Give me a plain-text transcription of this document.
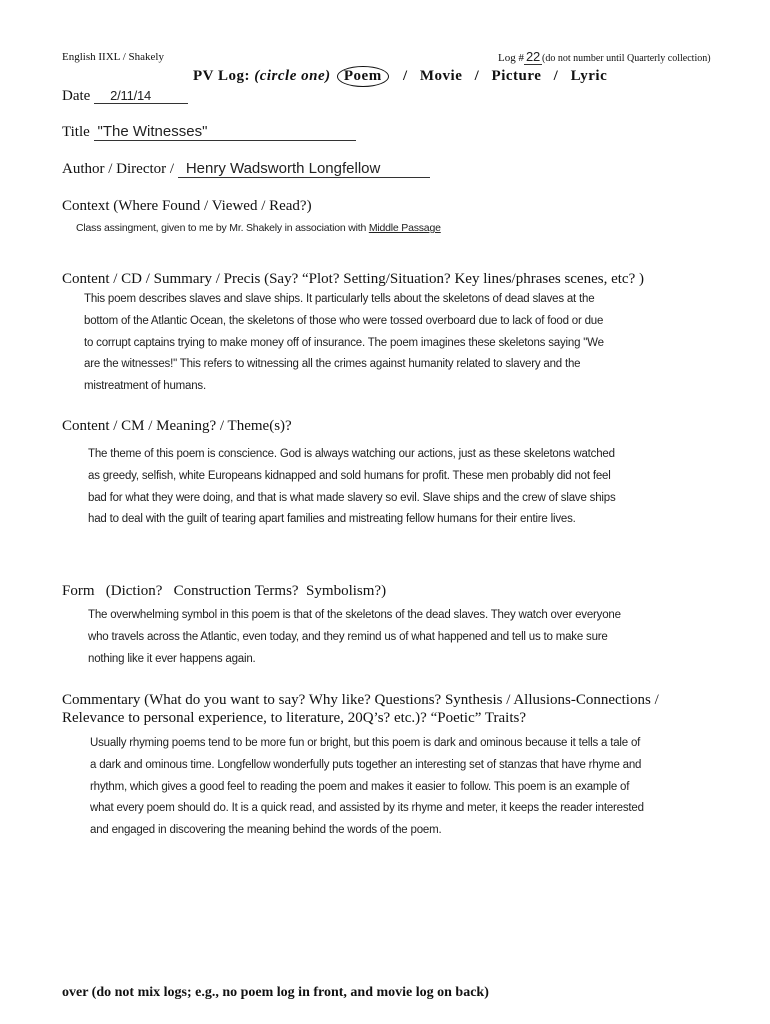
English IIXL / Shakely	Log # 22 (do not number until Quarterly collection)
PV Log: (circle one) Poem / Movie / Picture / Lyric
Date 2/11/14
Title "The Witnesses"
Author / Director / Henry Wadsworth Longfellow
Context (Where Found / Viewed / Read?)
Class assingment, given to me by Mr. Shakely in association with Middle Passage
Content / CD / Summary / Precis (Say? “Plot? Setting/Situation? Key lines/phrases scenes, etc? )
This poem describes slaves and slave ships. It particularly tells about the skeletons of dead slaves at the
bottom of the Atlantic Ocean, the skeletons of those who were tossed overboard due to lack of food or due
to corrupt captains trying to make money off of insurance. The poem imagines these skeletons saying "We
are the witnesses!" This refers to witnessing all the crimes against humanity related to slavery and the
mistreatment of humans.
Content / CM / Meaning? / Theme(s)?
The theme of this poem is conscience. God is always watching our actions, just as these skeletons watched
as greedy, selfish, white Europeans kidnapped and sold humans for profit. These men probably did not feel
bad for what they were doing, and that is what made slavery so evil. Slave ships and the crew of slave ships
had to deal with the guilt of tearing apart families and mistreating fellow humans for their entire lives.
Form   (Diction?   Construction Terms?  Symbolism?)
The overwhelming symbol in this poem is that of the skeletons of the dead slaves. They watch over everyone
who travels across the Atlantic, even today, and they remind us of what happened and tell us to make sure
nothing like it ever happens again.
Commentary (What do you want to say? Why like? Questions? Synthesis / Allusions-Connections /
Relevance to personal experience, to literature, 20Q’s? etc.)? “Poetic” Traits?
Usually rhyming poems tend to be more fun or bright, but this poem is dark and ominous because it tells a tale of
a dark and ominous time. Longfellow wonderfully puts together an interesting set of stanzas that have rhyme and
rhythm, which gives a good feel to reading the poem and makes it easier to follow. This poem is an example of
what every poem should do. It is a quick read, and assisted by its rhyme and meter, it keeps the reader interested
and engaged in discovering the meaning behind the words of the poem.
over (do not mix logs; e.g., no poem log in front, and movie log on back)
